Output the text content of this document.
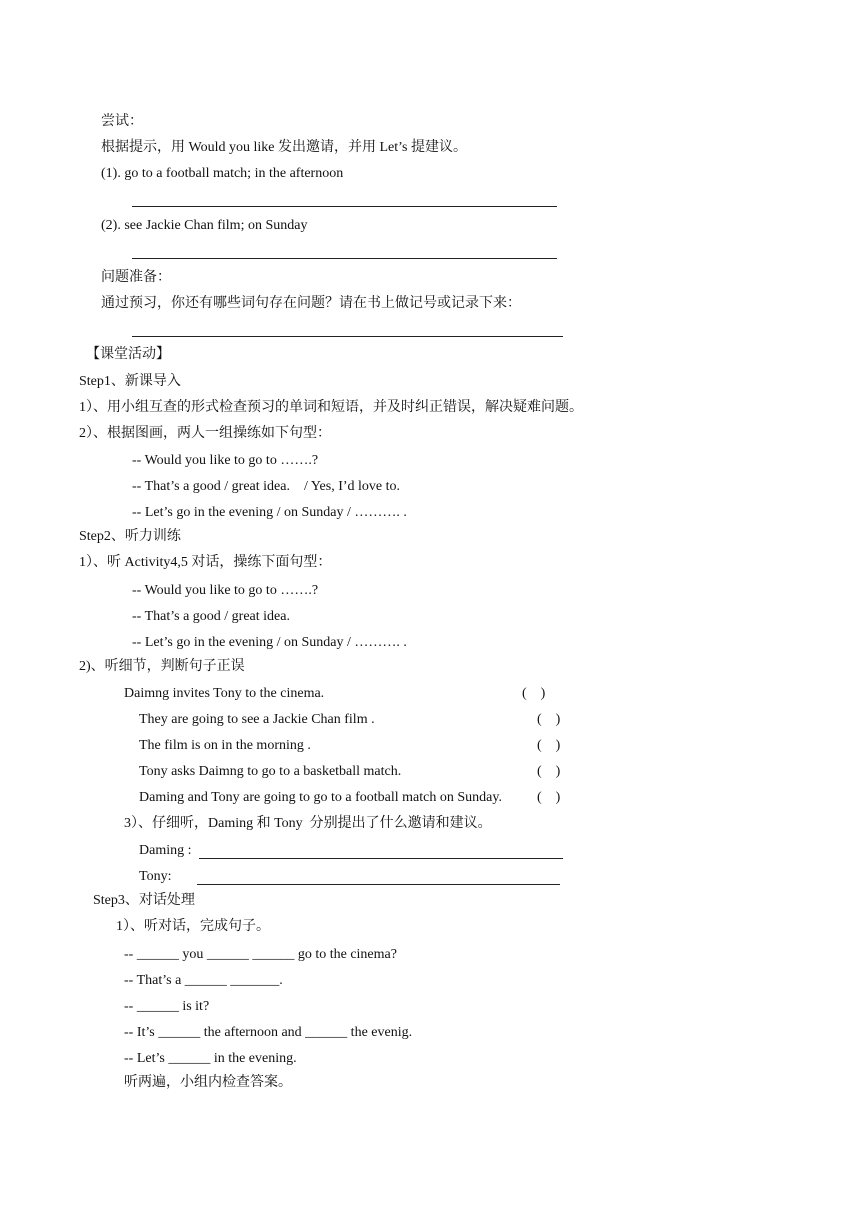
尝试：
根据提示，用 Would you like 发出邀请，并用 Let’s 提建议。
(1). go to a football match; in the afternoon
(2). see Jackie Chan film; on Sunday
问题准备：
通过预习，你还有哪些词句存在问题？请在书上做记号或记录下来：
【课堂活动】
Step1、新课导入
1）、用小组互查的形式检查预习的单词和短语，并及时纠正错误，解决疑难问题。
2）、根据图画，两人一组操练如下句型：
-- Would you like to go to …….?
-- That’s a good / great idea.    / Yes, I’d love to.
-- Let’s go in the evening / on Sunday / ………. .
Step2、听力训练
1）、听 Activity4,5 对话，操练下面句型：
-- Would you like to go to …….?
-- That’s a good / great idea.
-- Let’s go in the evening / on Sunday / ………. .
2)、听细节，判断句子正误
Daimng invites Tony to the cinema.	(    )
They are going to see a Jackie Chan film .	(    )
The film is on in the morning .	(    )
Tony asks Daimng to go to a basketball match.	(    )
Daming and Tony are going to go to a football match on Sunday.	(    )
3）、仔细听，Daming 和 Tony  分别提出了什么邀请和建议。
Daming :
Tony:
Step3、对话处理
1）、听对话，完成句子。
-- ______ you ______ ______ go to the cinema?
-- That’s a ______ _______.
-- ______ is it?
-- It’s ______ the afternoon and ______ the evenig.
-- Let’s ______ in the evening.
听两遍，小组内检查答案。
